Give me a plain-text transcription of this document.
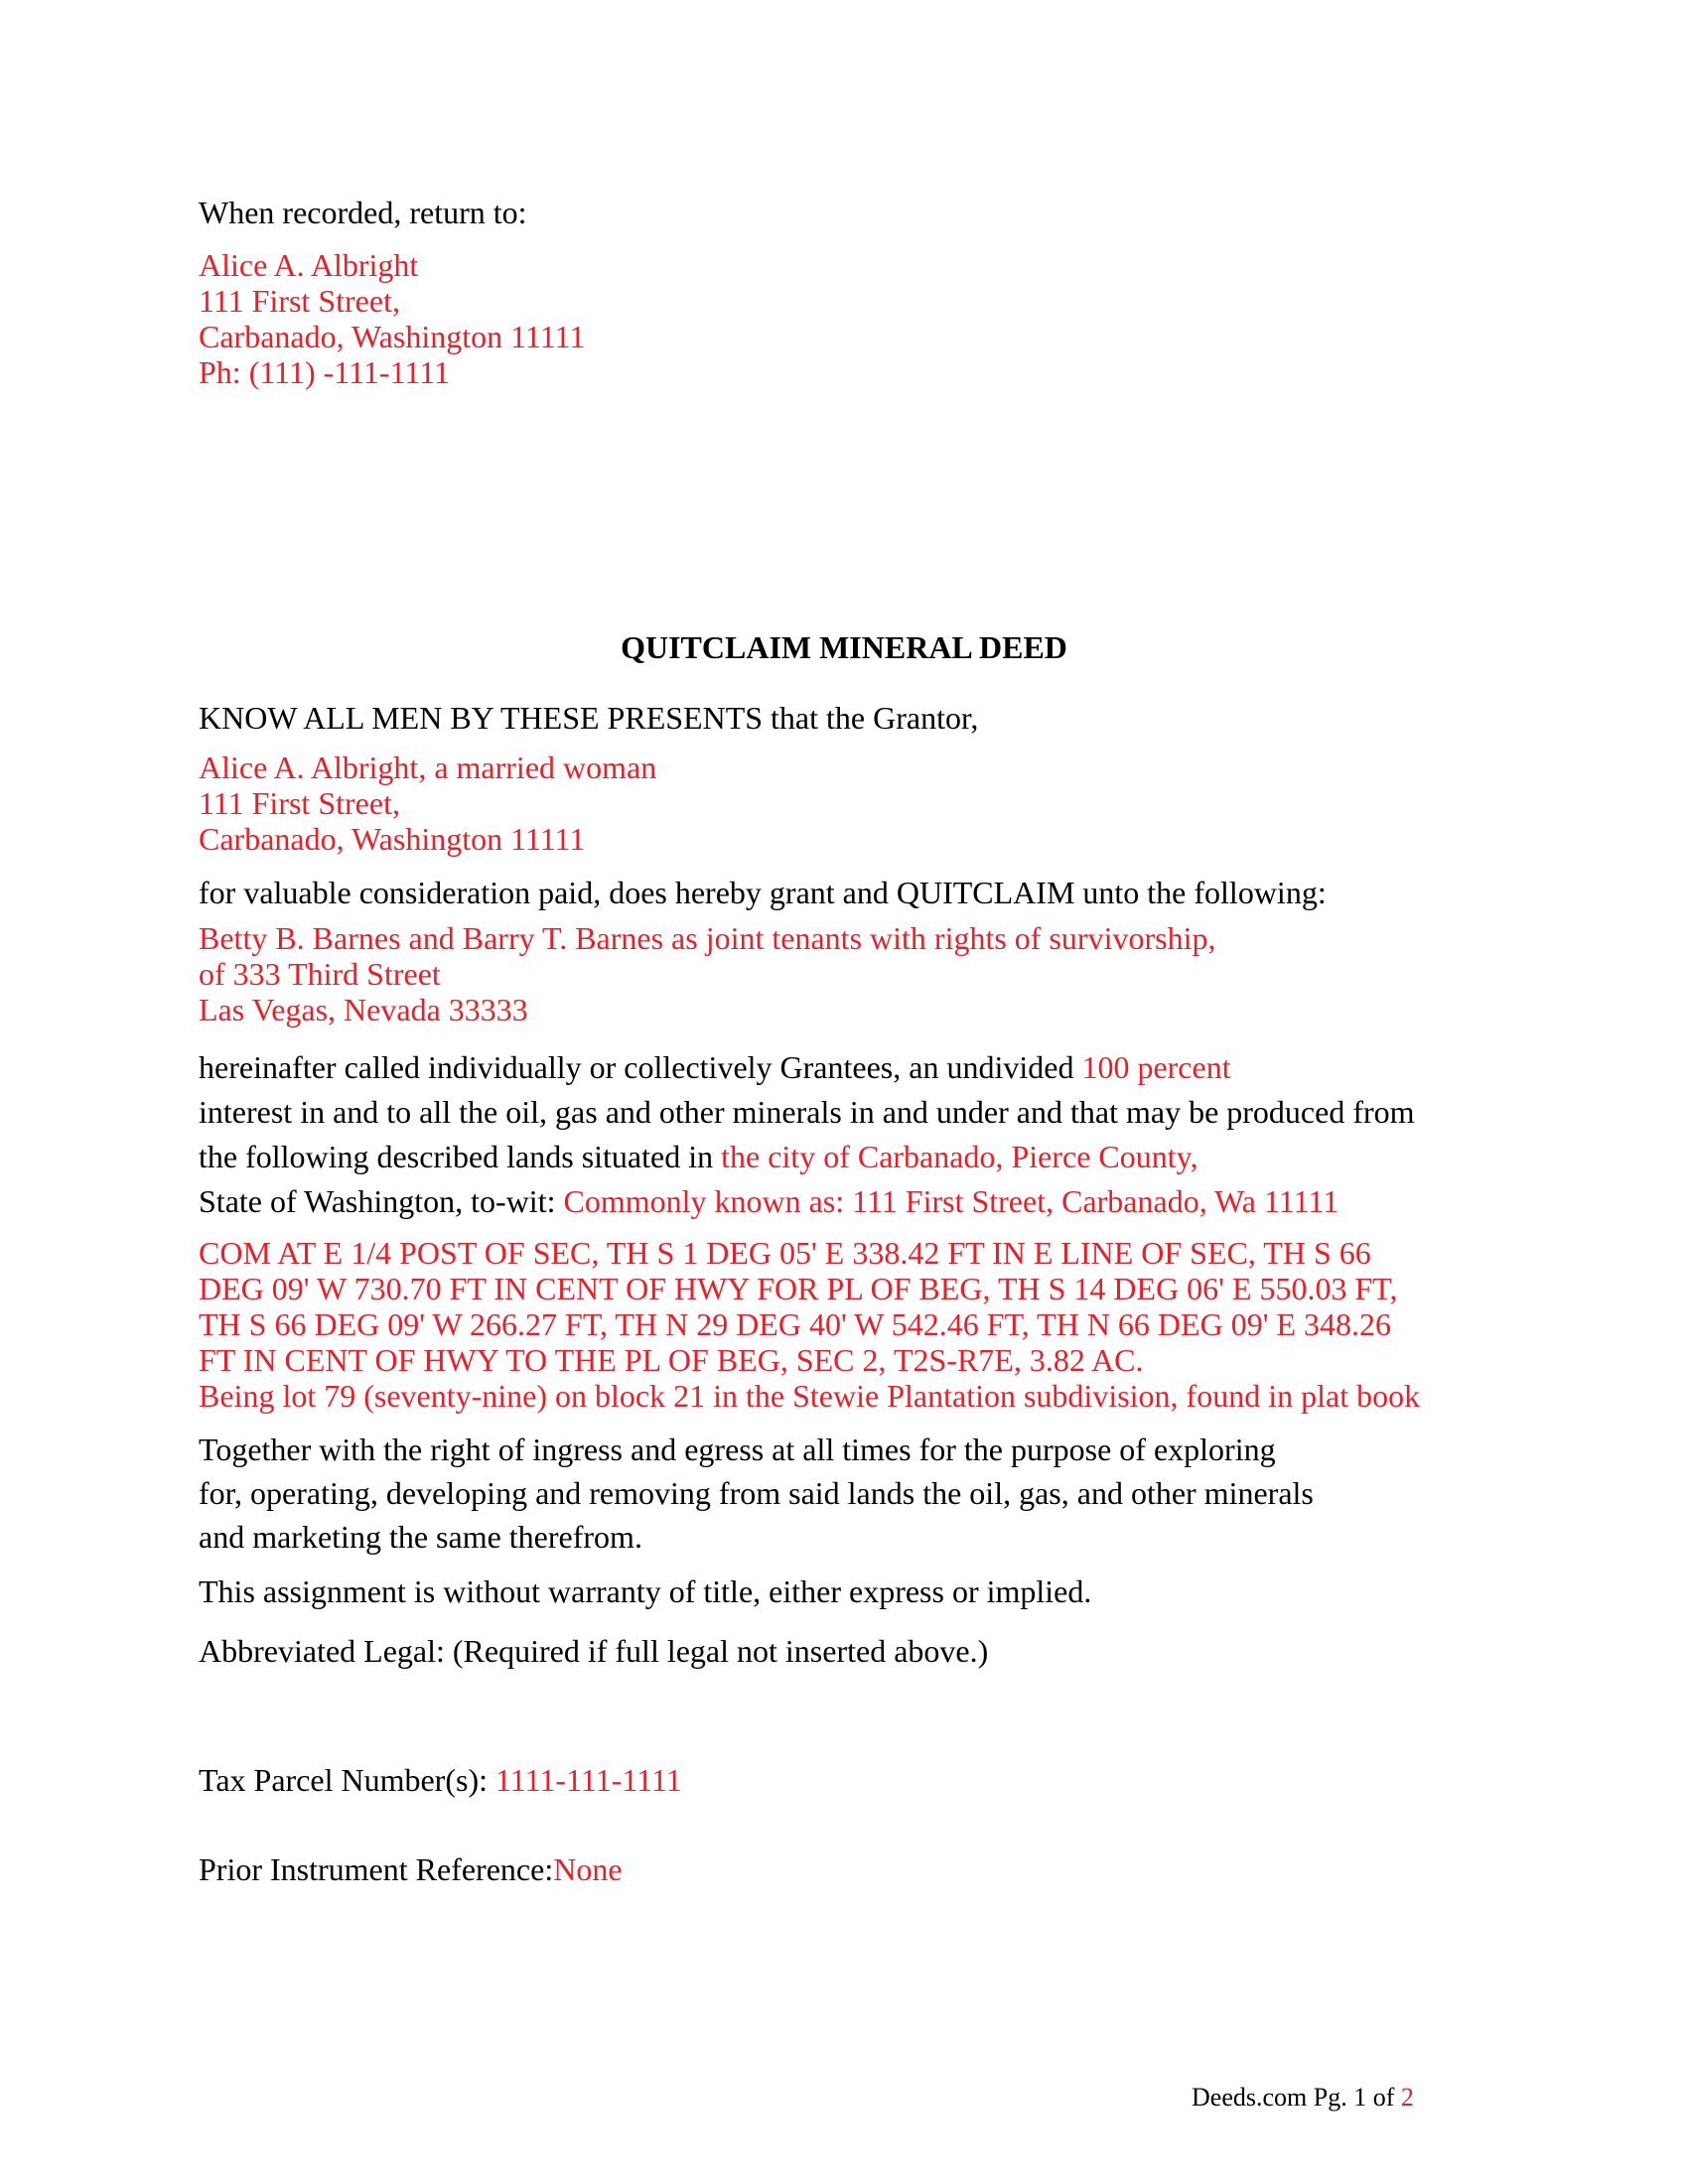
When recorded, return to:
Alice A. Albright
111 First Street,
Carbanado, Washington 11111
Ph: (111) -111-1111
QUITCLAIM MINERAL DEED
KNOW ALL MEN BY THESE PRESENTS that the Grantor,
Alice A. Albright, a married woman
111 First Street,
Carbanado, Washington 11111
for valuable consideration paid, does hereby grant and QUITCLAIM unto the following:
Betty B. Barnes and Barry T. Barnes as joint tenants with rights of survivorship,
of 333 Third Street
Las Vegas, Nevada 33333
hereinafter called individually or collectively Grantees, an undivided 100 percent
interest in and to all the oil, gas and other minerals in and under and that may be produced from
the following described lands situated in the city of Carbanado, Pierce County,
State of Washington, to-wit: Commonly known as: 111 First Street, Carbanado, Wa 11111
COM AT E 1/4 POST OF SEC, TH S 1 DEG 05' E 338.42 FT IN E LINE OF SEC, TH S 66
DEG 09' W 730.70 FT IN CENT OF HWY FOR PL OF BEG, TH S 14 DEG 06' E 550.03 FT,
TH S 66 DEG 09' W 266.27 FT, TH N 29 DEG 40' W 542.46 FT, TH N 66 DEG 09' E 348.26
FT IN CENT OF HWY TO THE PL OF BEG, SEC 2, T2S-R7E, 3.82 AC.
Being lot 79 (seventy-nine) on block 21 in the Stewie Plantation subdivision, found in plat book
Together with the right of ingress and egress at all times for the purpose of exploring
for, operating, developing and removing from said lands the oil, gas, and other minerals
and marketing the same therefrom.
This assignment is without warranty of title, either express or implied.
Abbreviated Legal: (Required if full legal not inserted above.)
Tax Parcel Number(s): 1111-111-1111
Prior Instrument Reference:None
Deeds.com Pg. 1 of 2
